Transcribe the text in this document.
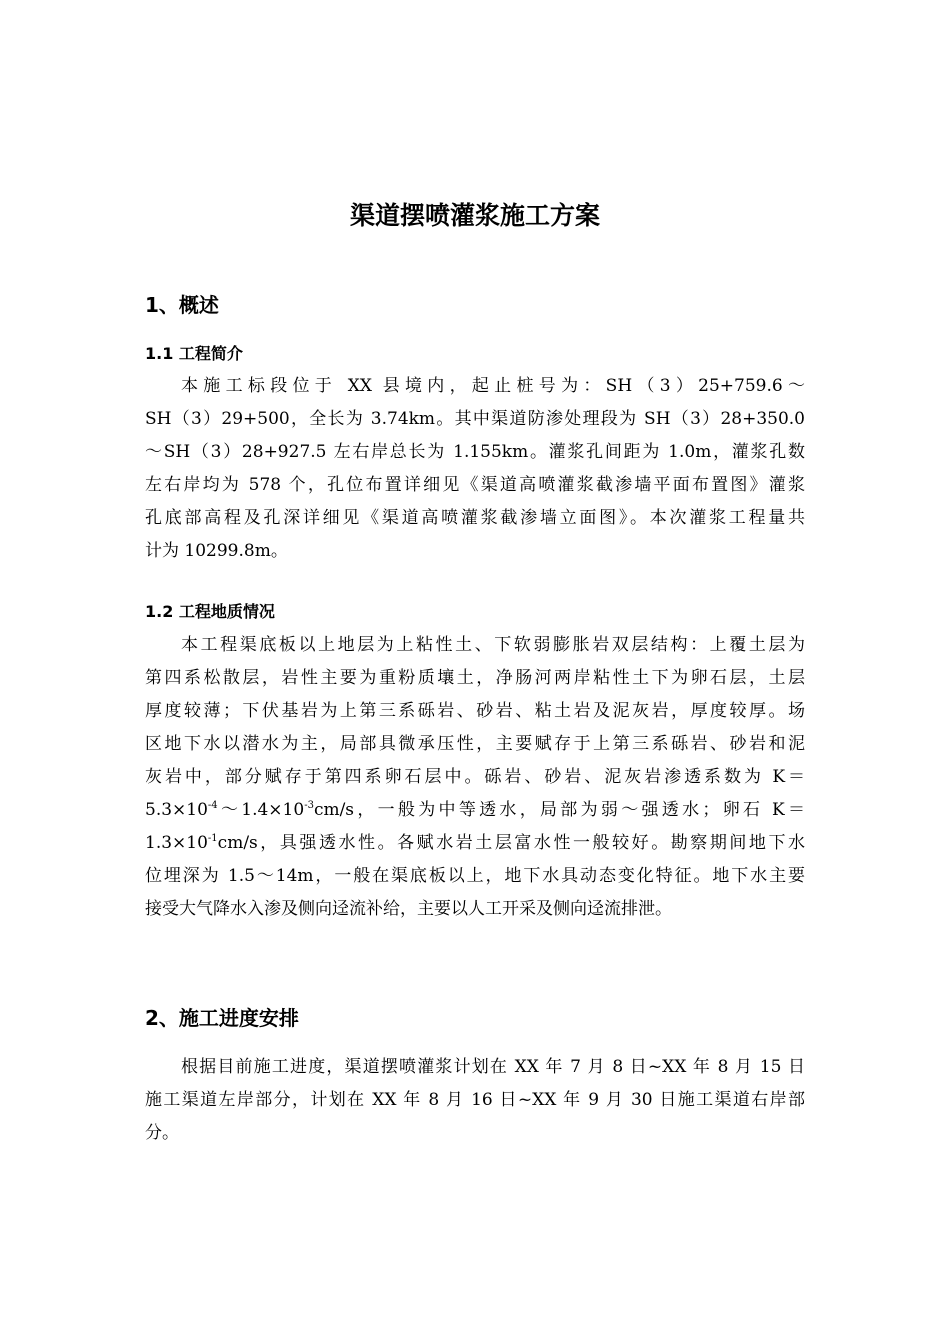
渠道摆喷灌浆施工方案
1、概述
1.1 工程简介
本施工标段位于 XX 县境内，起止桩号为：SH（3）25+759.6～
SH（3）29+500，全长为 3.74km。其中渠道防渗处理段为 SH（3）28+350.0
～SH（3）28+927.5 左右岸总长为 1.155km。灌浆孔间距为 1.0m，灌浆孔数
左右岸均为 578 个，孔位布置详细见《渠道高喷灌浆截渗墙平面布置图》灌浆
孔底部高程及孔深详细见《渠道高喷灌浆截渗墙立面图》。本次灌浆工程量共
计为 10299.8m。
1.2 工程地质情况
本工程渠底板以上地层为上粘性土、下软弱膨胀岩双层结构：上覆土层为
第四系松散层，岩性主要为重粉质壤土，净肠河两岸粘性土下为卵石层，土层
厚度较薄；下伏基岩为上第三系砾岩、砂岩、粘土岩及泥灰岩，厚度较厚。场
区地下水以潜水为主，局部具微承压性，主要赋存于上第三系砾岩、砂岩和泥
灰岩中，部分赋存于第四系卵石层中。砾岩、砂岩、泥灰岩渗透系数为 K＝
$5.3\times 10^{-4}\sim 1.4\times 10^{-3}cm/s$，一般为中等透水，局部为弱～强透水；卵石 K＝
$1.3\times 10^{-1}cm/s$，具强透水性。各赋水岩土层富水性一般较好。勘察期间地下水
位埋深为 1.5～14m，一般在渠底板以上，地下水具动态变化特征。地下水主要
接受大气降水入渗及侧向迳流补给，主要以人工开采及侧向迳流排泄。
2、施工进度安排
根据目前施工进度，渠道摆喷灌浆计划在 XX 年 7 月 8 日~XX 年 8 月 15 日
施工渠道左岸部分，计划在 XX 年 8 月 16 日~XX 年 9 月 30 日施工渠道右岸部
分。
